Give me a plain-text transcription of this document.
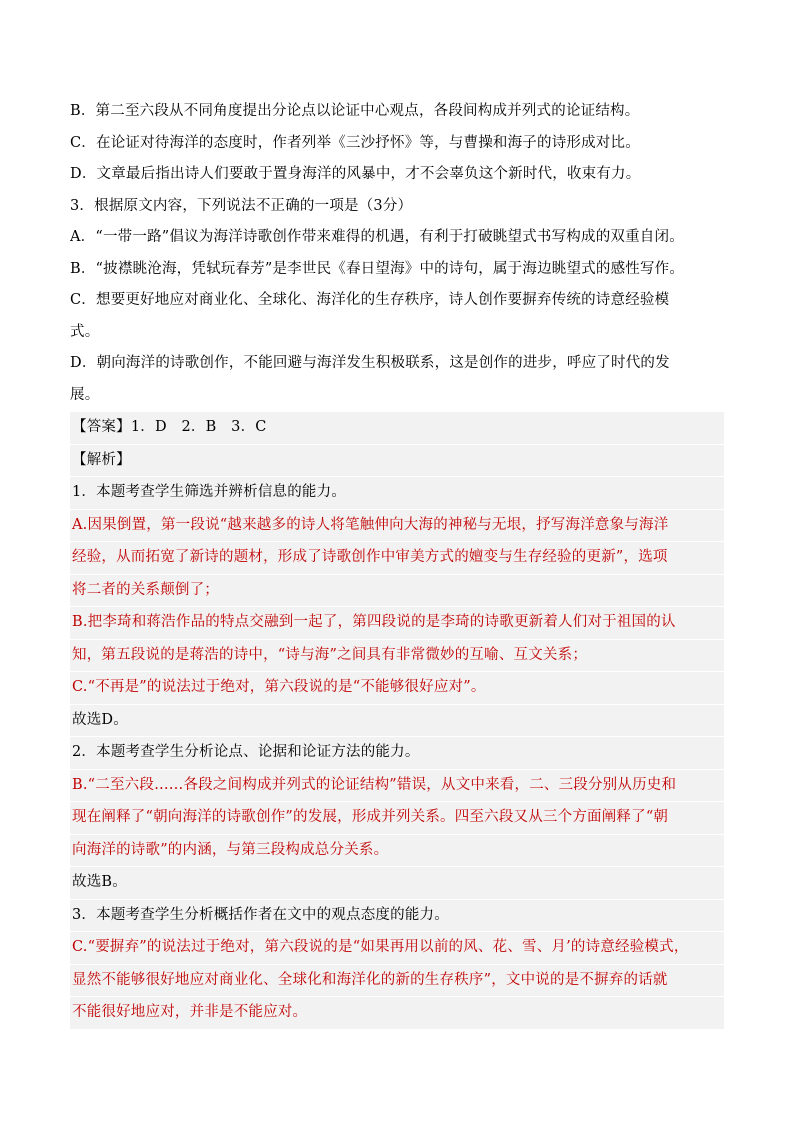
B．第二至六段从不同角度提出分论点以论证中心观点，各段间构成并列式的论证结构。
C．在论证对待海洋的态度时，作者列举《三沙抒怀》等，与曹操和海子的诗形成对比。
D．文章最后指出诗人们要敢于置身海洋的风暴中，才不会辜负这个新时代，收束有力。
3．根据原文内容，下列说法不正确的一项是（3分）
A．“一带一路”倡议为海洋诗歌创作带来难得的机遇，有利于打破眺望式书写构成的双重自闭。
B．“披襟眺沧海，凭轼玩春芳”是李世民《春日望海》中的诗句，属于海边眺望式的感性写作。
C．想要更好地应对商业化、全球化、海洋化的生存秩序，诗人创作要摒弃传统的诗意经验模
式。
D．朝向海洋的诗歌创作，不能回避与海洋发生积极联系，这是创作的进步，呼应了时代的发
展。
【答案】1．D　2．B　3．C
【解析】
1．本题考查学生筛选并辨析信息的能力。
A.因果倒置，第一段说“越来越多的诗人将笔触伸向大海的神秘与无垠，抒写海洋意象与海洋
经验，从而拓宽了新诗的题材，形成了诗歌创作中审美方式的嬗变与生存经验的更新”，选项
将二者的关系颠倒了；
B.把李琦和蒋浩作品的特点交融到一起了，第四段说的是李琦的诗歌更新着人们对于祖国的认
知，第五段说的是蒋浩的诗中，“诗与海”之间具有非常微妙的互喻、互文关系；
C.“不再是”的说法过于绝对，第六段说的是“不能够很好应对”。
故选D。
2．本题考查学生分析论点、论据和论证方法的能力。
B.“二至六段……各段之间构成并列式的论证结构”错误，从文中来看，二、三段分别从历史和
现在阐释了“朝向海洋的诗歌创作”的发展，形成并列关系。四至六段又从三个方面阐释了“朝
向海洋的诗歌”的内涵，与第三段构成总分关系。
故选B。
3．本题考查学生分析概括作者在文中的观点态度的能力。
C.“要摒弃”的说法过于绝对，第六段说的是“如果再用以前的风、花、雪、月’的诗意经验模式，
显然不能够很好地应对商业化、全球化和海洋化的新的生存秩序”，文中说的是不摒弃的话就
不能很好地应对，并非是不能应对。
